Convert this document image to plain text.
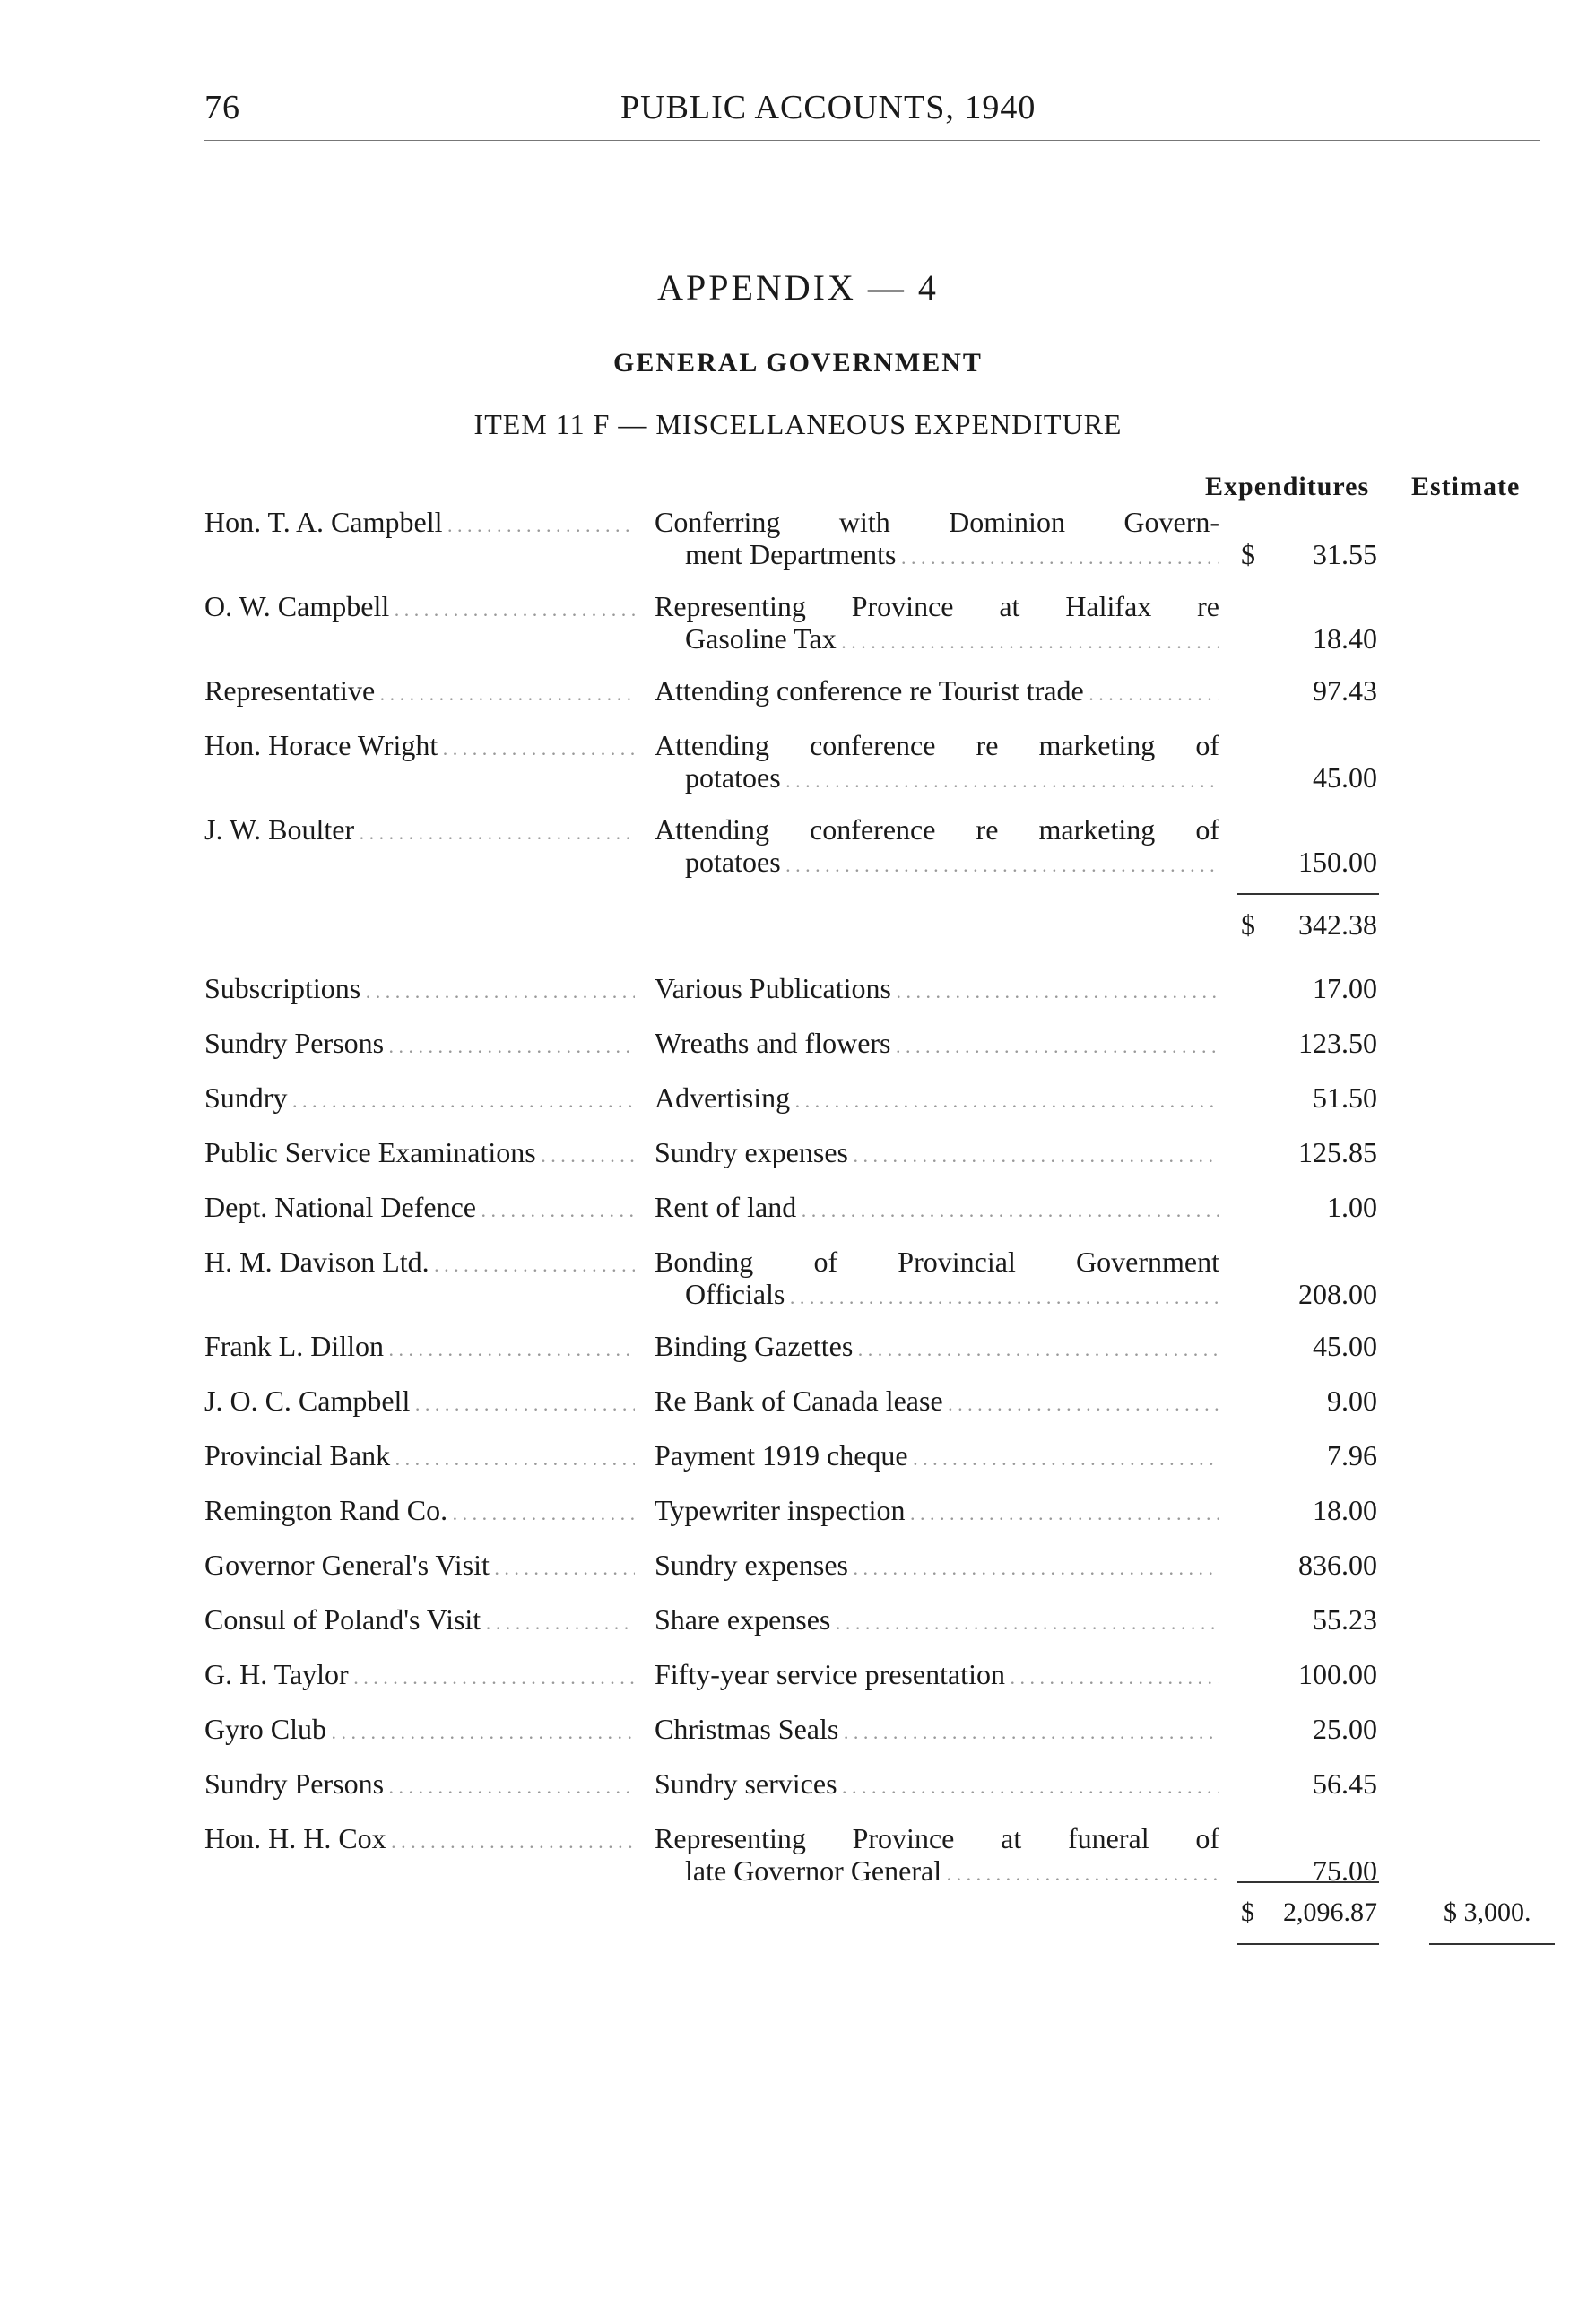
76	PUBLIC ACCOUNTS, 1940
APPENDIX — 4
GENERAL GOVERNMENT
ITEM 11 F — MISCELLANEOUS EXPENDITURE
Expenditures Estimate
Hon. T. A. Campbell . . .	Conferring with Dominion Govern-
ment Departments . . .	$ 31.55
O. W. Campbell . . .	Representing Province at Halifax re
Gasoline Tax . . .	18.40
Representative . . .	Attending conference re Tourist trade . . .	97.43
Hon. Horace Wright . . .	Attending conference re marketing of
potatoes . . .	45.00
J. W. Boulter . . .	Attending conference re marketing of
potatoes . . .	150.00
$ 342.38
Subscriptions . . .	Various Publications . . .	17.00
Sundry Persons . . .	Wreaths and flowers . . .	123.50
Sundry . . .	Advertising . . .	51.50
Public Service Examinations . . .	Sundry expenses . . .	125.85
Dept. National Defence . . .	Rent of land . . .	1.00
H. M. Davison Ltd. . . .	Bonding of Provincial Government
Officials . . .	208.00
Frank L. Dillon . . .	Binding Gazettes . . .	45.00
J. O. C. Campbell . . .	Re Bank of Canada lease . . .	9.00
Provincial Bank . . .	Payment 1919 cheque . . .	7.96
Remington Rand Co. . . .	Typewriter inspection . . .	18.00
Governor General's Visit . . .	Sundry expenses . . .	836.00
Consul of Poland's Visit . . .	Share expenses . . .	55.23
G. H. Taylor . . .	Fifty-year service presentation . . .	100.00
Gyro Club . . .	Christmas Seals . . .	25.00
Sundry Persons . . .	Sundry services . . .	56.45
Hon. H. H. Cox . . .	Representing Province at funeral of
late Governor General . . .	75.00
$ 2,096.87 $ 3,000.
